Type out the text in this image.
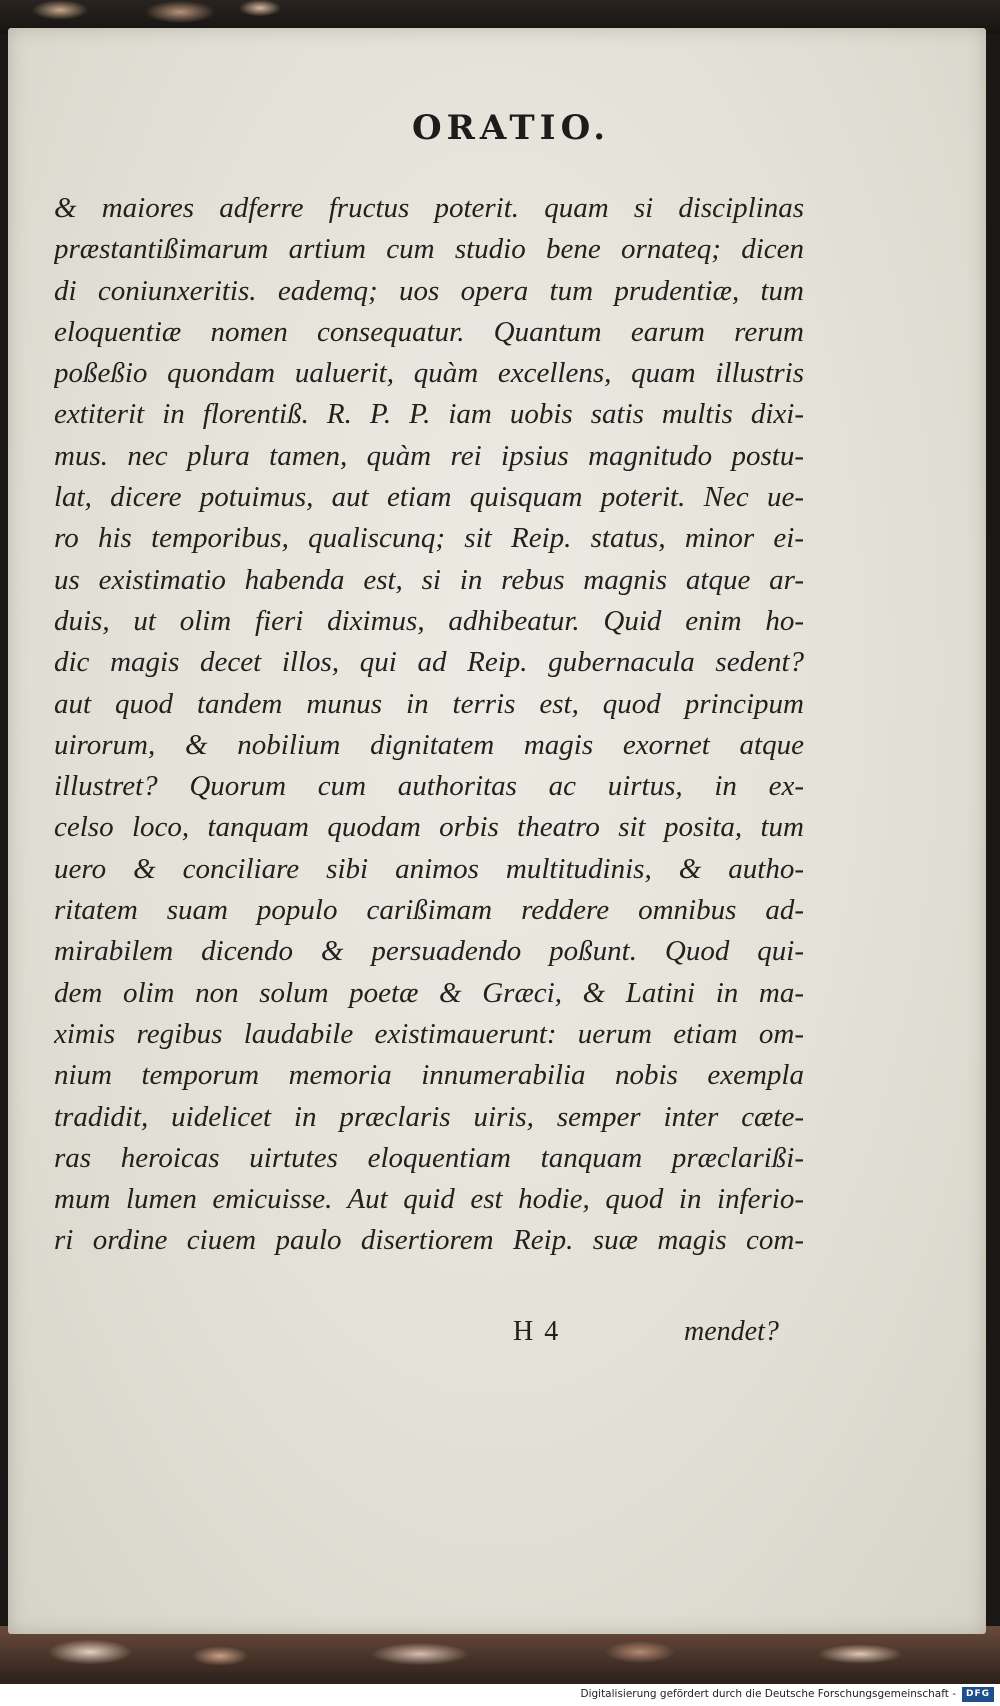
ORATIO.
& maiores adferre fructus poterit. quam si disciplinas
præstantißimarum artium cum studio bene ornateq; dicen
di coniunxeritis. eademq; uos opera tum prudentiæ, tum
eloquentiæ nomen consequatur. Quantum earum rerum
poßeßio quondam ualuerit, quàm excellens, quam illustris
extiterit in florentiß. R. P. P. iam uobis satis multis dixi-
mus. nec plura tamen, quàm rei ipsius magnitudo postu-
lat, dicere potuimus, aut etiam quisquam poterit. Nec ue-
ro his temporibus, qualiscunq; sit Reip. status, minor ei-
us existimatio habenda est, si in rebus magnis atque ar-
duis, ut olim fieri diximus, adhibeatur. Quid enim ho-
dic magis decet illos, qui ad Reip. gubernacula sedent?
aut quod tandem munus in terris est, quod principum
uirorum, & nobilium dignitatem magis exornet atque
illustret? Quorum cum authoritas ac uirtus, in ex-
celso loco, tanquam quodam orbis theatro sit posita, tum
uero & conciliare sibi animos multitudinis, & autho-
ritatem suam populo carißimam reddere omnibus ad-
mirabilem dicendo & persuadendo poßunt. Quod qui-
dem olim non solum poetæ & Græci, & Latini in ma-
ximis regibus laudabile existimauerunt: uerum etiam om-
nium temporum memoria innumerabilia nobis exempla
tradidit, uidelicet in præclaris uiris, semper inter cæte-
ras heroicas uirtutes eloquentiam tanquam præclarißi-
mum lumen emicuisse. Aut quid est hodie, quod in inferio-
ri ordine ciuem paulo disertiorem Reip. suæ magis com-
H 4	mendet?
Digitalisierung gefördert durch die Deutsche Forschungsgemeinschaft -	DFG
